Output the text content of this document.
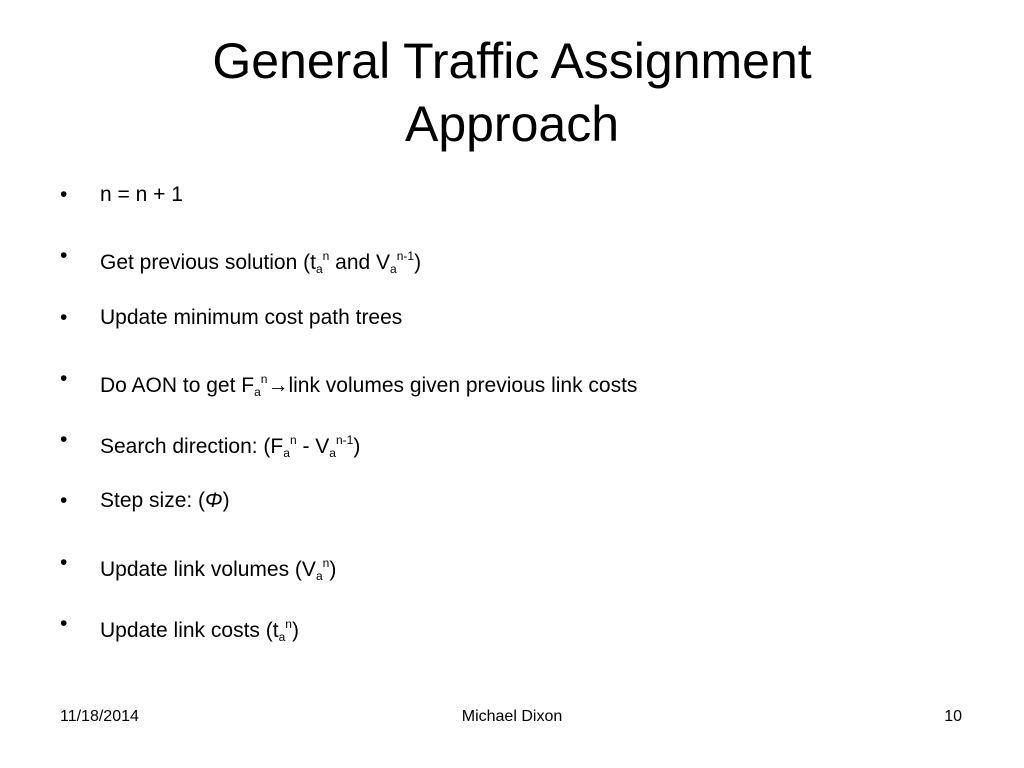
General Traffic Assignment
Approach
•	n = n + 1
•	Get previous solution ($t_a^n$ and $V_a^{n-1}$)
•	Update minimum cost path trees
•	Do AON to get $F_a^n\to link$ volumes given previous link costs
•	Search direction: $(F_a^n - V_a^{n-1})$
•	Step size: (Φ)
•	Update link volumes $(V_a^n)$
•	Update link costs $(t_a^n)$
11/18/2014	Michael Dixon	10
